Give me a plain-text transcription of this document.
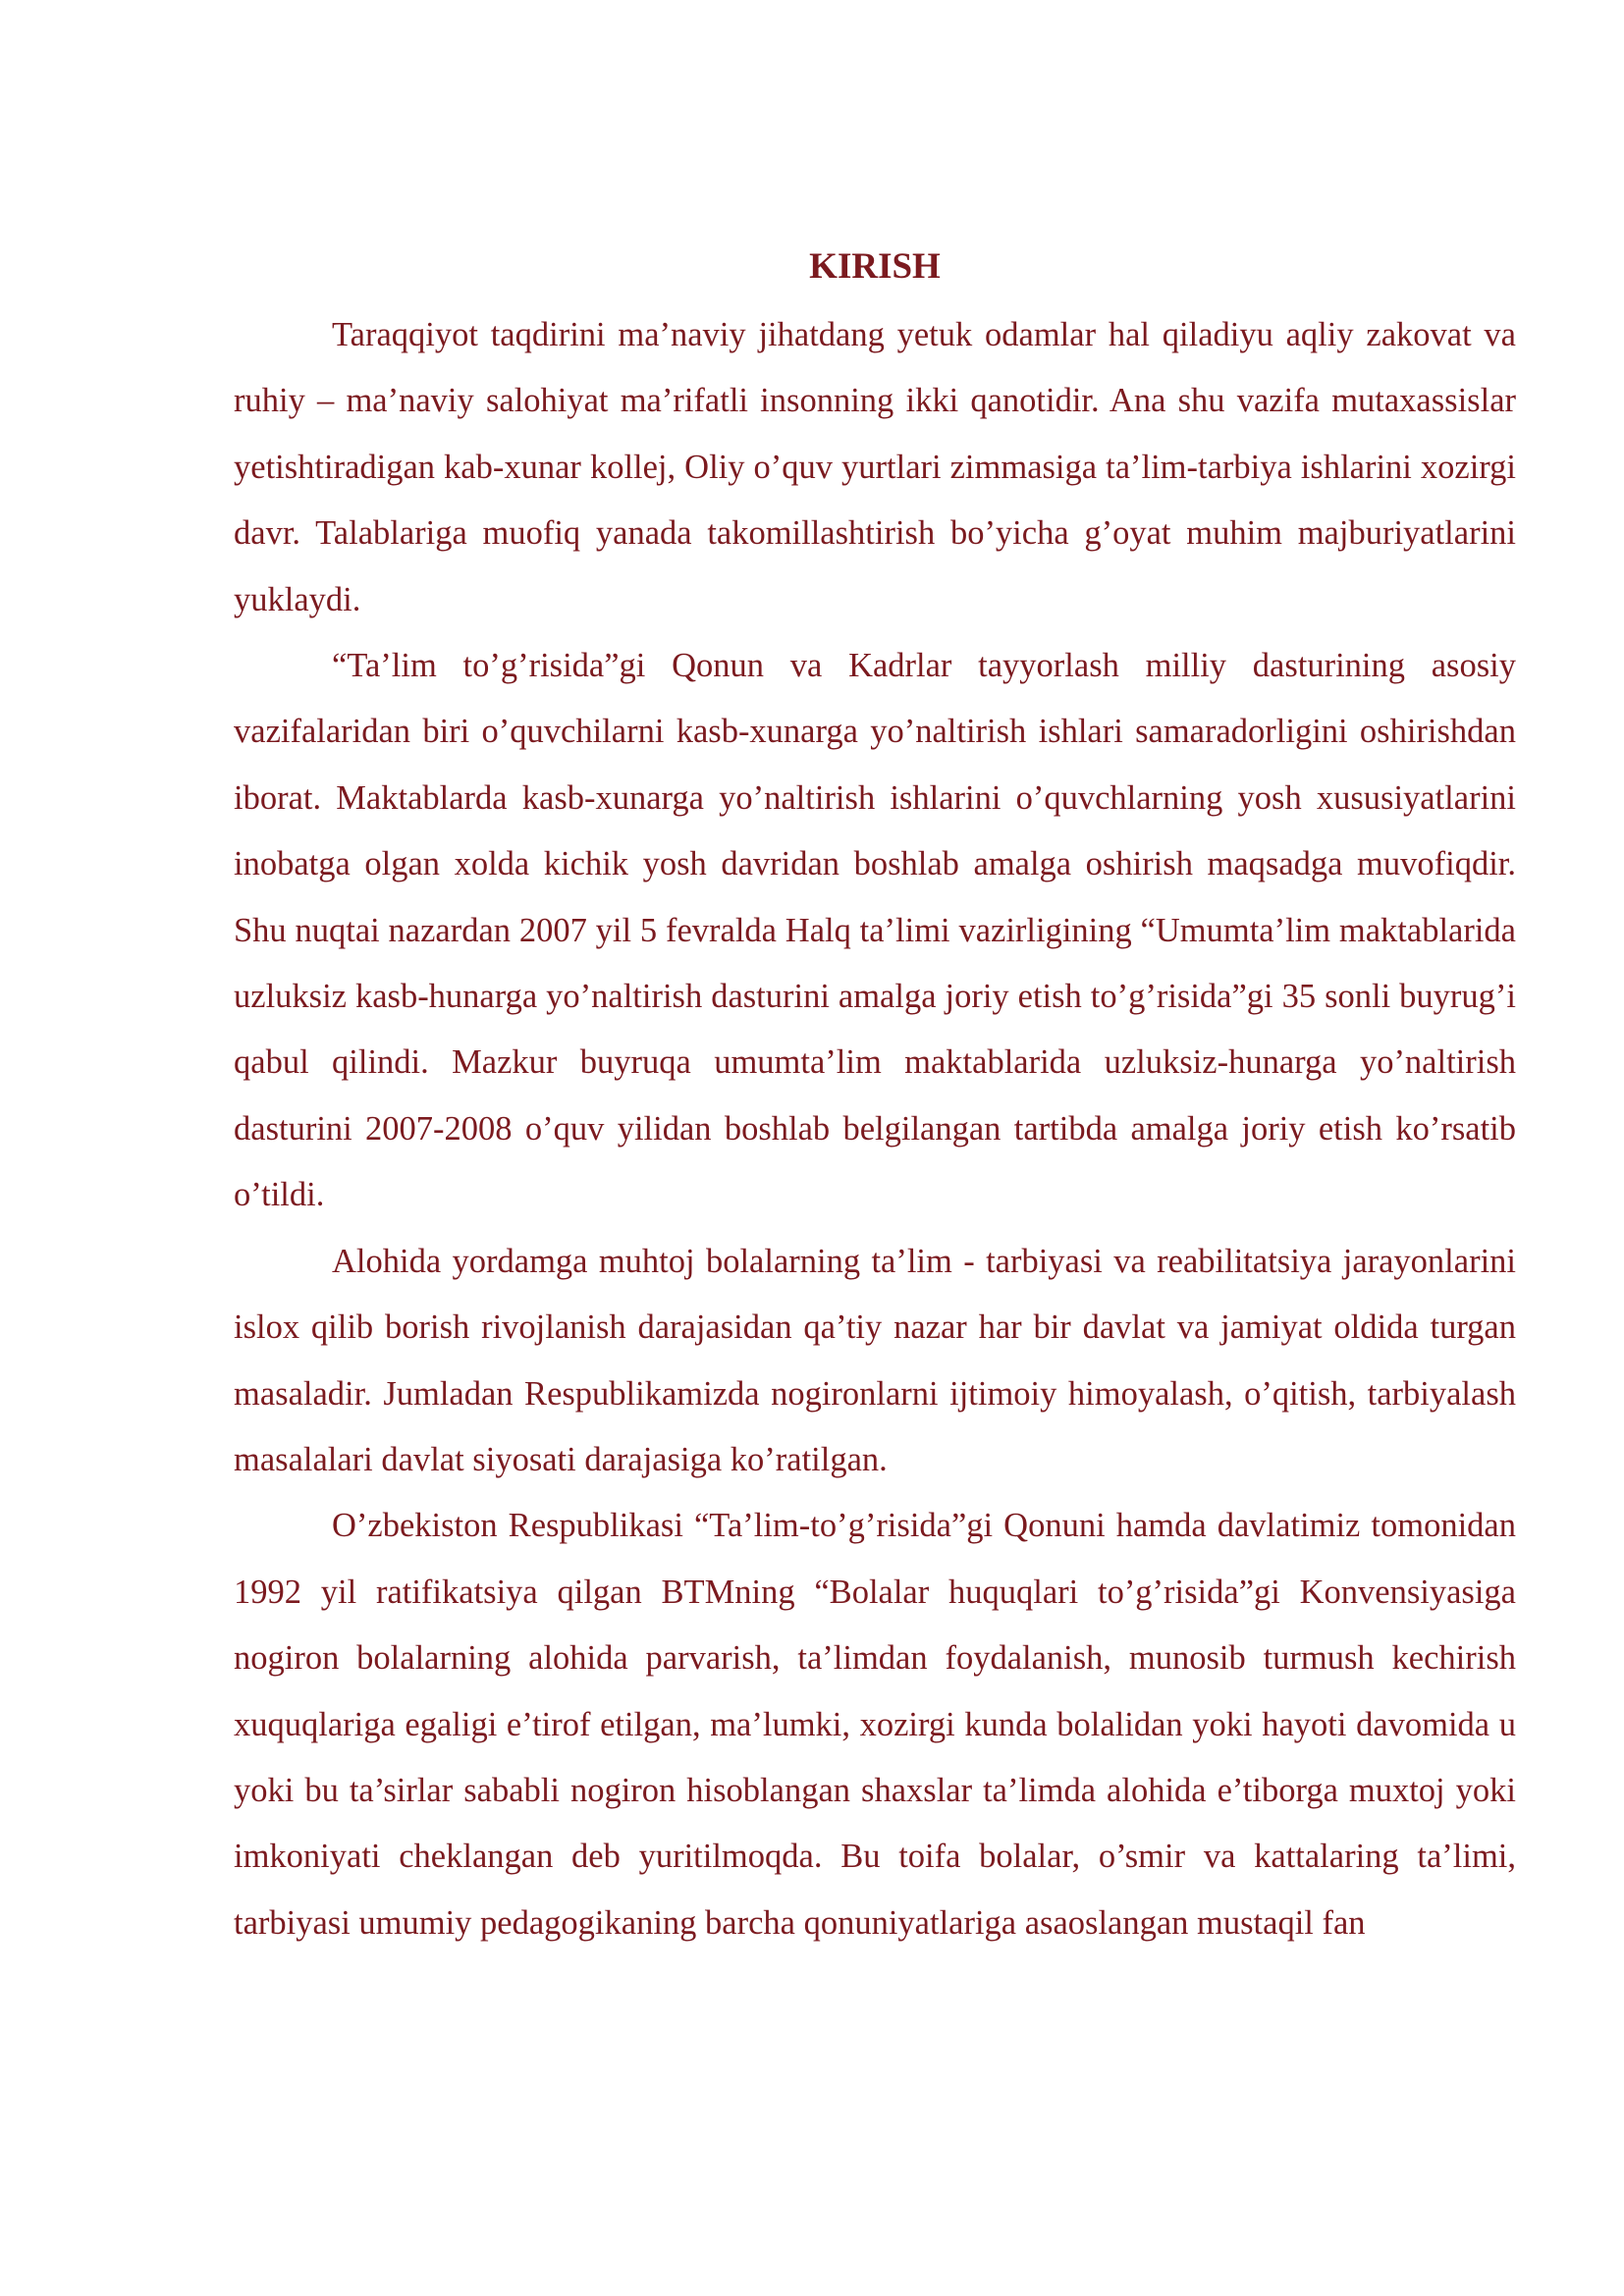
KIRISH

Taraqqiyot taqdirini ma’naviy jihatdang yetuk odamlar hal qiladiyu aqliy zakovat va ruhiy – ma’naviy salohiyat ma’rifatli insonning ikki qanotidir. Ana shu vazifa mutaxassislar yetishtiradigan kab-xunar kollej, Oliy o’quv yurtlari zimmasiga ta’lim-tarbiya ishlarini xozirgi davr. Talablariga muofiq yanada takomillashtirish bo’yicha g’oyat muhim majburiyatlarini yuklaydi.

“Ta’lim to’g’risida”gi Qonun va Kadrlar tayyorlash milliy dasturining asosiy vazifalaridan biri o’quvchilarni kasb-xunarga yo’naltirish ishlari samaradorligini oshirishdan iborat. Maktablarda kasb-xunarga yo’naltirish ishlarini o’quvchlarning yosh xususiyatlarini inobatga olgan xolda kichik yosh davridan boshlab amalga oshirish maqsadga muvofiqdir. Shu nuqtai nazardan 2007 yil 5 fevralda Halq ta’limi vazirligining “Umumta’lim maktablarida uzluksiz kasb-hunarga yo’naltirish dasturini amalga joriy etish to’g’risida”gi 35 sonli buyrug’i qabul qilindi. Mazkur buyruqa umumta’lim maktablarida uzluksiz-hunarga yo’naltirish dasturini 2007-2008 o’quv yilidan boshlab belgilangan tartibda amalga joriy etish ko’rsatib o’tildi.

Alohida yordamga muhtoj bolalarning ta’lim - tarbiyasi va reabilitatsiya jarayonlarini islox qilib borish rivojlanish darajasidan qa’tiy nazar har bir davlat va jamiyat oldida turgan masaladir. Jumladan Respublikamizda nogironlarni ijtimoiy himoyalash, o’qitish, tarbiyalash masalalari davlat siyosati darajasiga ko’ratilgan.

O’zbekiston Respublikasi “Ta’lim-to’g’risida”gi Qonuni hamda davlatimiz tomonidan 1992 yil ratifikatsiya qilgan BTMning “Bolalar huquqlari to’g’risida”gi Konvensiyasiga nogiron bolalarning alohida parvarish, ta’limdan foydalanish, munosib turmush kechirish xuquqlariga egaligi e’tirof etilgan, ma’lumki, xozirgi kunda bolalidan yoki hayoti davomida u yoki bu ta’sirlar sababli nogiron hisoblangan shaxslar ta’limda alohida e’tiborga muxtoj yoki imkoniyati cheklangan deb yuritilmoqda. Bu toifa bolalar, o’smir va kattalaring ta’limi, tarbiyasi umumiy pedagogikaning barcha qonuniyatlariga asaoslangan mustaqil fan
